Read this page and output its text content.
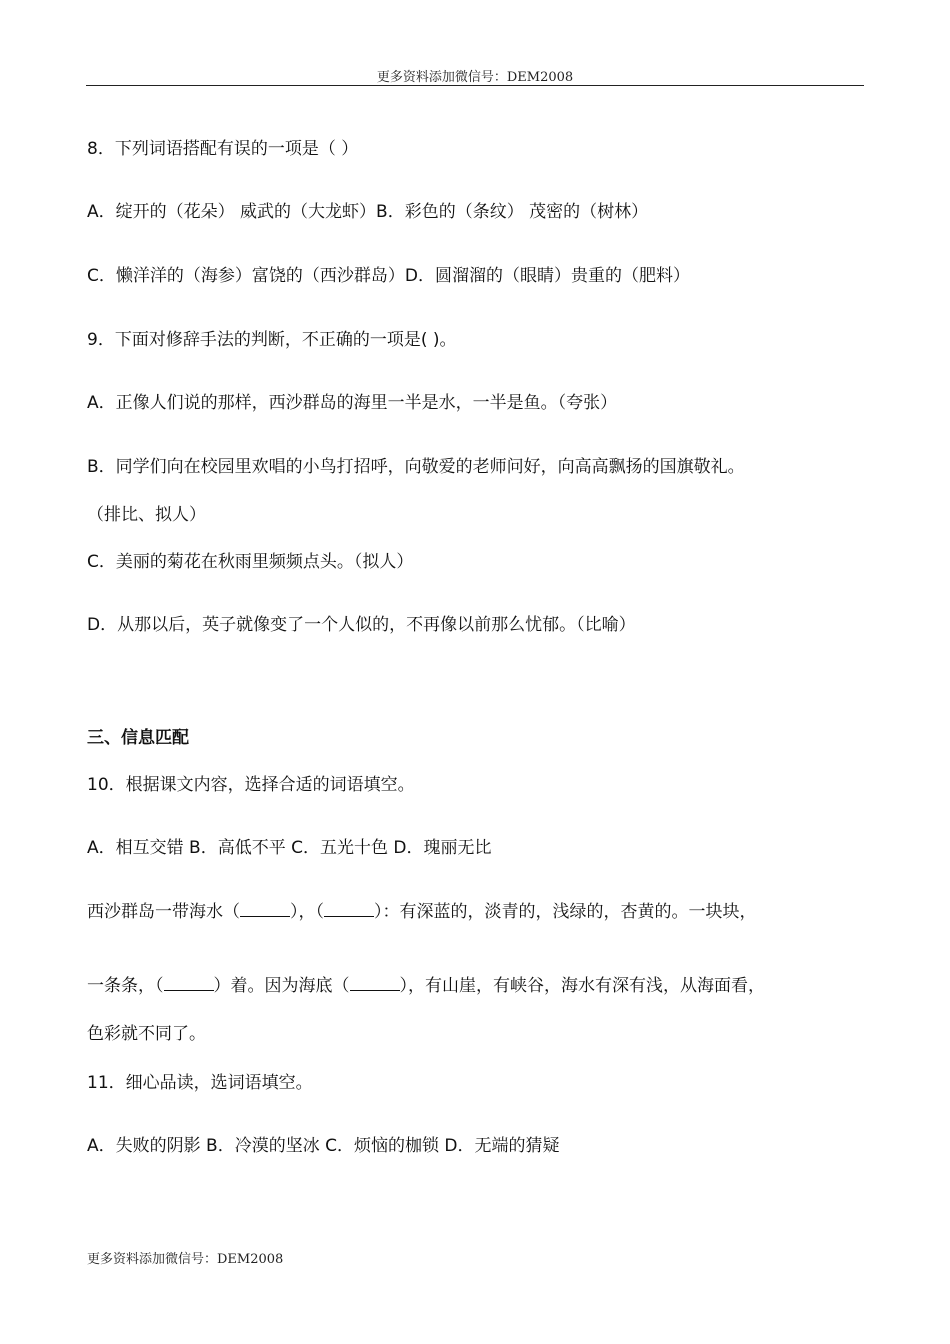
更多资料添加微信号：DEM2008
8．下列词语搭配有误的一项是（ ）
A．绽开的（花朵） 威武的（大龙虾）B．彩色的（条纹） 茂密的（树林）
C．懒洋洋的（海参）富饶的（西沙群岛）D．圆溜溜的（眼睛）贵重的（肥料）
9．下面对修辞手法的判断，不正确的一项是( )。
A．正像人们说的那样，西沙群岛的海里一半是水，一半是鱼。（夸张）
B．同学们向在校园里欢唱的小鸟打招呼，向敬爱的老师问好，向高高飘扬的国旗敬礼。
（排比、拟人）
C．美丽的菊花在秋雨里频频点头。（拟人）
D．从那以后，英子就像变了一个人似的，不再像以前那么忧郁。（比喻）
三、信息匹配
10．根据课文内容，选择合适的词语填空。
A．相互交错 B．高低不平 C．五光十色 D．瑰丽无比
西沙群岛一带海水（	），（	）：有深蓝的，淡青的，浅绿的，杏黄的。一块块，
一条条，（	）着。因为海底（	），有山崖，有峡谷，海水有深有浅，从海面看，
色彩就不同了。
11．细心品读，选词语填空。
A．失败的阴影 B．冷漠的坚冰 C．烦恼的枷锁 D．无端的猜疑
更多资料添加微信号：DEM2008
